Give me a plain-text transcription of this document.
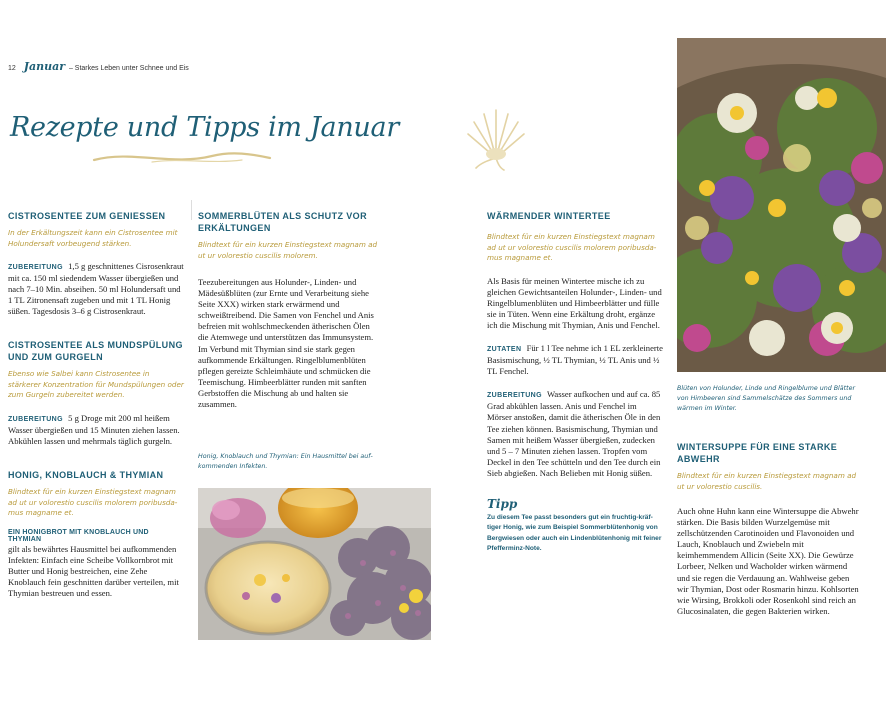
12 Januar – Starkes Leben unter Schnee und Eis
Rezepte und Tipps im Januar
CISTROSENTEE ZUM GENIESSEN
In der Erkältungszeit kann ein Cistrosentee mit Holundersaft vorbeugend stärken.
ZUBEREITUNG 1,5 g geschnittenes Cisrosenkraut mit ca. 150 ml siedendem Wasser übergießen und nach 7–10 Min. abseihen. 50 ml Holundersaft und 1 TL Zitronensaft zugeben und mit 1 TL Honig süßen. Tagesdosis 3–6 g Cistrosenkraut.
CISTROSENTEE ALS MUNDSPÜLUNG UND ZUM GURGELN
Ebenso wie Salbei kann Cistrosentee in stärkerer Konzentration für Mundspülungen oder zum Gurgeln zubereitet werden.
ZUBEREITUNG 5 g Droge mit 200 ml heißem Wasser übergießen und 15 Minuten ziehen lassen. Abkühlen lassen und mehrmals täglich gurgeln.
HONIG, KNOBLAUCH & THYMIAN
Blindtext für ein kurzen Einstiegstext magnam ad ut ur volorestio cuscilis molorem poribusdamus magname et.
EIN HONIGBROT MIT KNOBLAUCH UND THYMIAN
gilt als bewährtes Hausmittel bei aufkommenden Infekten: Einfach eine Scheibe Vollkornbrot mit Butter und Honig bestreichen, eine Zehe Knoblauch fein geschnitten darüber verteilen, mit Thymian bestreuen und essen.
SOMMERBLÜTEN ALS SCHUTZ VOR ERKÄLTUNGEN
Blindtext für ein kurzen Einstiegstext magnam ad ut ur volorestio cuscilis molorem.
Teezubereitungen aus Holunder-, Linden- und Mädesüßblüten (zur Ernte und Verarbeitung siehe Seite XXX) wirken stark erwärmend und schweißtreibend. Die Samen von Fenchel und Anis befreien mit wohlschmeckenden ätherischen Ölen die Atemwege und unterstützen das Immunsystem. Im Verbund mit Thymian sind sie stark gegen aufkommende Erkältungen. Ringelblumenblüten pflegen gereizte Schleimhäute und schmücken die Teemischung. Himbeerblätter runden mit sanften Gerbstoffen die Mischung ab und halten sie zusammen.
Honig, Knoblauch und Thymian: Ein Hausmittel bei aufkommenden Infekten.
WÄRMENDER WINTERTEE
Blindtext für ein kurzen Einstiegstext magnam ad ut ur volorestio cuscilis molorem poribusdamus magname et.
Als Basis für meinen Wintertee mische ich zu gleichen Gewichtsanteilen Holunder-, Linden- und Ringelblumenblüten und Himbeerblätter und fülle sie in Tüten. Wenn eine Erkältung droht, ergänze ich die Mischung mit Thymian, Anis und Fenchel.
ZUTATEN Für 1 l Tee nehme ich 1 EL zerkleinerte Basismischung, ½ TL Thymian, ½ TL Anis und ½ TL Fenchel.
ZUBEREITUNG Wasser aufkochen und auf ca. 85 Grad abkühlen lassen. Anis und Fenchel im Mörser anstoßen, damit die ätherischen Öle in den Tee ziehen können. Basismischung, Thymian und Samen mit heißem Wasser übergießen, zudecken und 5 – 7 Minuten ziehen lassen. Tropfen vom Deckel in den Tee schütteln und den Tee durch ein Sieb abgießen. Nach Belieben mit Honig süßen.
Tipp
Zu diesem Tee passt besonders gut ein fruchtig-kräftiger Honig, wie zum Beispiel Sommerblütenhonig von Bergwiesen oder auch ein Lindenblütenhonig mit feiner Pfefferminz-Note.
Blüten von Holunder, Linde und Ringelblume und Blätter von Himbeeren sind Sammelschätze des Sommers und wärmen im Winter.
WINTERSUPPE FÜR EINE STARKE ABWEHR
Blindtext für ein kurzen Einstiegstext magnam ad ut ur volorestio cuscilis.
Auch ohne Huhn kann eine Wintersuppe die Abwehr stärken. Die Basis bilden Wurzelgemüse mit zellschützenden Carotinoiden und Flavonoiden und Lauch, Knoblauch und Zwiebeln mit keimhemmendem Allicin (Seite XX). Die Gewürze Lorbeer, Nelken und Wacholder wirken wärmend und sie regen die Verdauung an. Wahlweise geben wir Thymian, Dost oder Rosmarin hinzu. Kohlsorten wie Wirsing, Brokkoli oder Rosenkohl sind reich an Glucosinalaten, die gegen Bakterien wirken.
